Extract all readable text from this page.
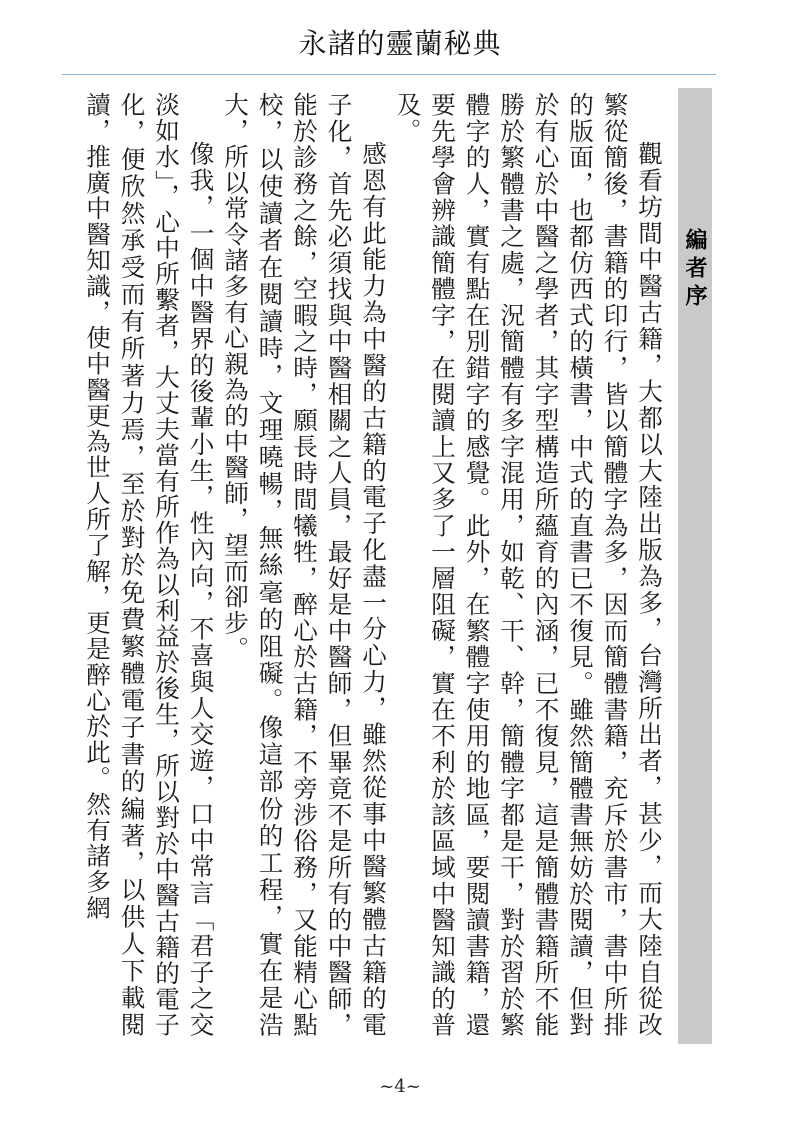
永諸的靈蘭秘典
編者序

觀看坊間中醫古籍，大都以大陸出版為多，台灣所出者，甚少，而大陸自從改繁從簡後，書籍的印行，皆以簡體字為多，因而簡體書籍，充斥於書市，書中所排的版面，也都仿西式的橫書，中式的直書已不復見。雖然簡體書無妨於閱讀，但對於有心於中醫之學者，其字型構造所蘊育的內涵，已不復見，這是簡體書籍所不能勝於繁體書之處，況簡體有多字混用，如乾、干、幹，簡體字都是干，對於習於繁體字的人，實有點在別錯字的感覺。此外，在繁體字使用的地區，要閱讀書籍，還要先學會辨識簡體字，在閱讀上又多了一層阻礙，實在不利於該區域中醫知識的普及。

感恩有此能力為中醫的古籍的電子化盡一分心力，雖然從事中醫繁體古籍的電子化，首先必須找與中醫相關之人員，最好是中醫師，但畢竟不是所有的中醫師，能於診務之餘，空暇之時，願長時間犧牲，醉心於古籍，不旁涉俗務，又能精心點校，以使讀者在閱讀時，文理曉暢，無絲毫的阻礙。像這部份的工程，實在是浩大，所以常令諸多有心親為的中醫師，望而卻步。

像我，一個中醫界的後輩小生，性內向，不喜與人交遊，口中常言「君子之交淡如水」，心中所繫者，大丈夫當有所作為以利益於後生，所以對於中醫古籍的電子化，便欣然承受而有所著力焉，至於對於免費繁體電子書的編著，以供人下載閱讀，推廣中醫知識，使中醫更為世人所了解，更是醉心於此。然有諸多網

~4~
